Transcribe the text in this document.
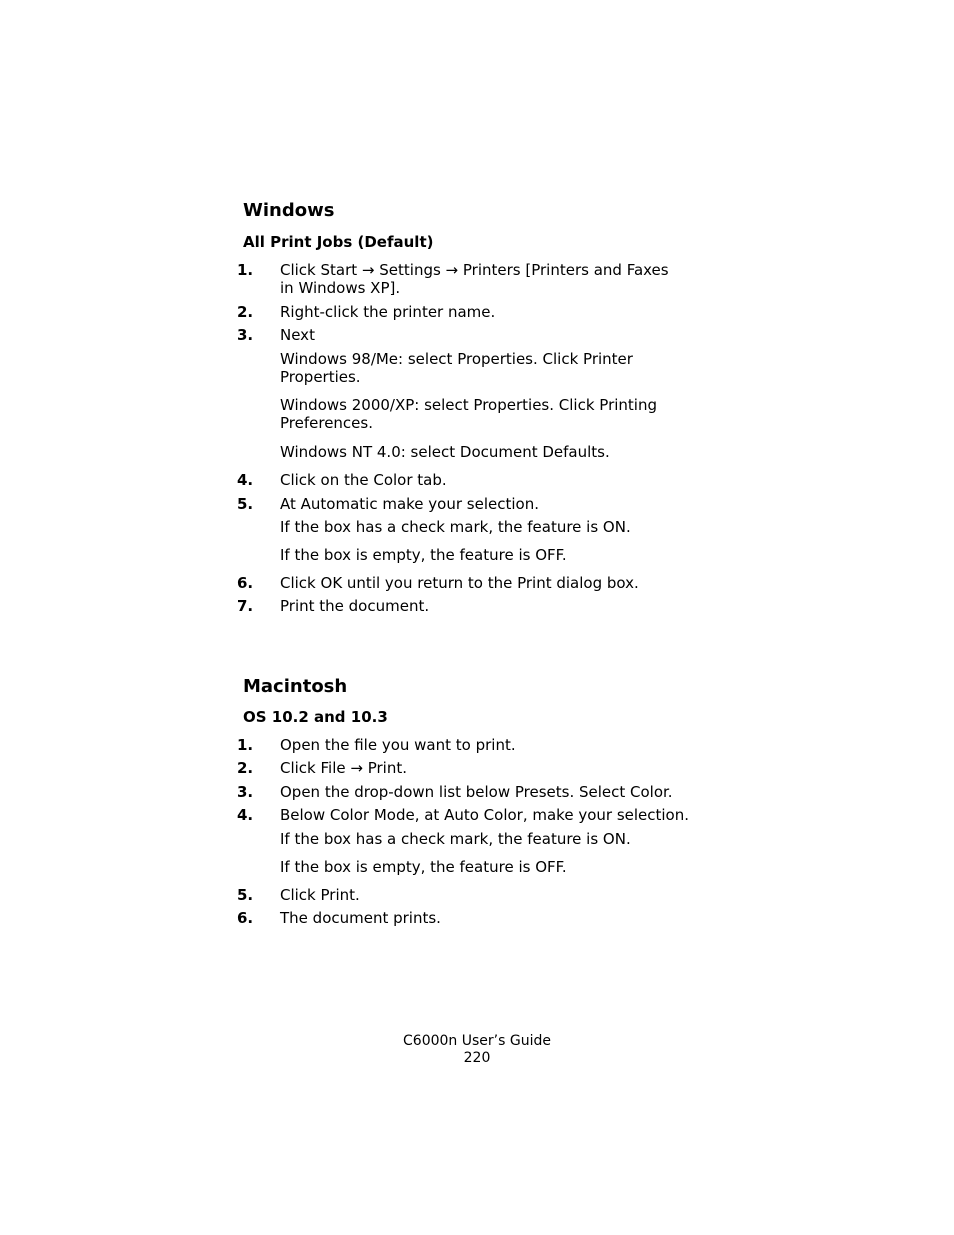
Windows
All Print Jobs (Default)
1. Click Start → Settings → Printers [Printers and Faxes
in Windows XP].
2. Right-click the printer name.
3. Next
Windows 98/Me: select Properties. Click Printer
Properties.
Windows 2000/XP: select Properties. Click Printing
Preferences.
Windows NT 4.0: select Document Defaults.
4. Click on the Color tab.
5. At Automatic make your selection.
If the box has a check mark, the feature is ON.
If the box is empty, the feature is OFF.
6. Click OK until you return to the Print dialog box.
7. Print the document.
Macintosh
OS 10.2 and 10.3
1. Open the file you want to print.
2. Click File → Print.
3. Open the drop-down list below Presets. Select Color.
4. Below Color Mode, at Auto Color, make your selection.
If the box has a check mark, the feature is ON.
If the box is empty, the feature is OFF.
5. Click Print.
6. The document prints.
C6000n User’s Guide
220
